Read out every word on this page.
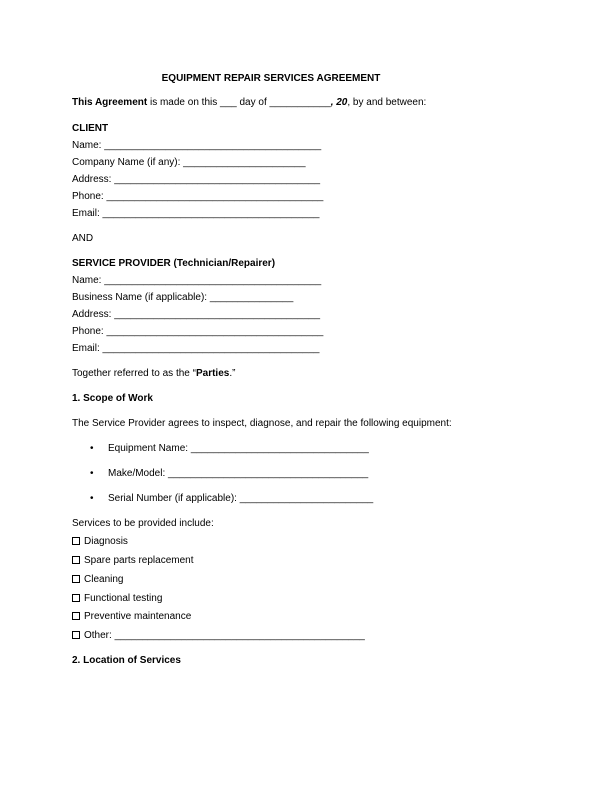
EQUIPMENT REPAIR SERVICES AGREEMENT
This Agreement is made on this ___ day of ___________, 20, by and between:
CLIENT
Name: _______________________________________
Company Name (if any): ______________________
Address: _____________________________________
Phone: _______________________________________
Email: _______________________________________
AND
SERVICE PROVIDER (Technician/Repairer)
Name: _______________________________________
Business Name (if applicable): _______________
Address: _____________________________________
Phone: _______________________________________
Email: _______________________________________
Together referred to as the “Parties.”
1. Scope of Work
The Service Provider agrees to inspect, diagnose, and repair the following equipment:
• Equipment Name: ________________________________
• Make/Model: ____________________________________
• Serial Number (if applicable): ________________________
Services to be provided include:
Diagnosis
Spare parts replacement
Cleaning
Functional testing
Preventive maintenance
Other: _____________________________________________
2. Location of Services
